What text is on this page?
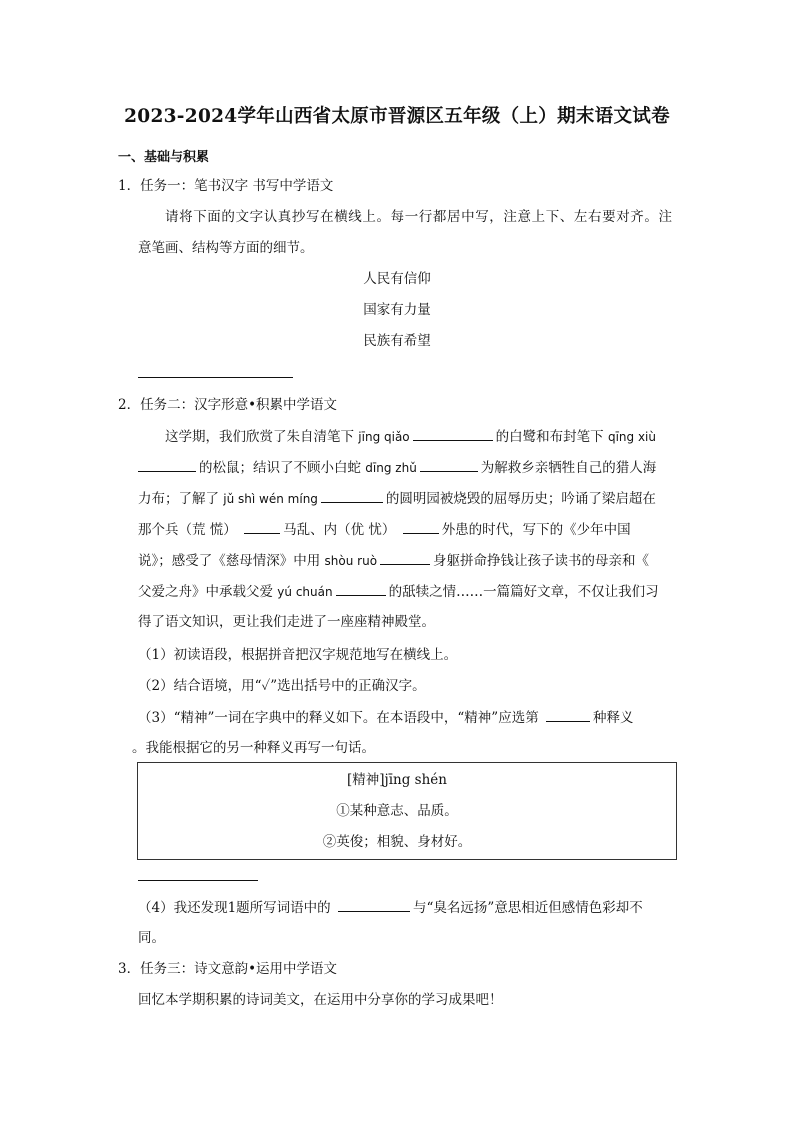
2023-2024学年山西省太原市晋源区五年级（上）期末语文试卷
一、基础与积累
1．任务一：笔书汉字 书写中学语文
请将下面的文字认真抄写在横线上。每一行都居中写，注意上下、左右要对齐。注
意笔画、结构等方面的细节。
人民有信仰
国家有力量
民族有希望
2．任务二：汉字形意•积累中学语文
这学期，我们欣赏了朱自清笔下 jīng qiǎo	的白鹭和布封笔下 qīng xiù
的松鼠；结识了不顾小白蛇 dīng zhǔ	为解救乡亲牺牲自己的猎人海
力布；了解了 jǔ shì wén míng	的圆明园被烧毁的屈辱历史；吟诵了梁启超在
那个兵（荒 慌）	马乱、内（优 忧）	外患的时代，写下的《少年中国
说》；感受了《慈母情深》中用 shòu ruò	身躯拼命挣钱让孩子读书的母亲和《
父爱之舟》中承载父爱 yú chuán	的舐犊之情……一篇篇好文章，不仅让我们习
得了语文知识，更让我们走进了一座座精神殿堂。
（1）初读语段，根据拼音把汉字规范地写在横线上。
（2）结合语境，用“✓”选出括号中的正确汉字。
（3）“精神”一词在字典中的释义如下。在本语段中，“精神”应选第	种释义
。我能根据它的另一种释义再写一句话。
[精神]jīng shén
①某种意志、品质。
②英俊；相貌、身材好。
（4）我还发现1题所写词语中的	与“臭名远扬”意思相近但感情色彩却不
同。
3．任务三：诗文意韵•运用中学语文
回忆本学期积累的诗词美文，在运用中分享你的学习成果吧！
